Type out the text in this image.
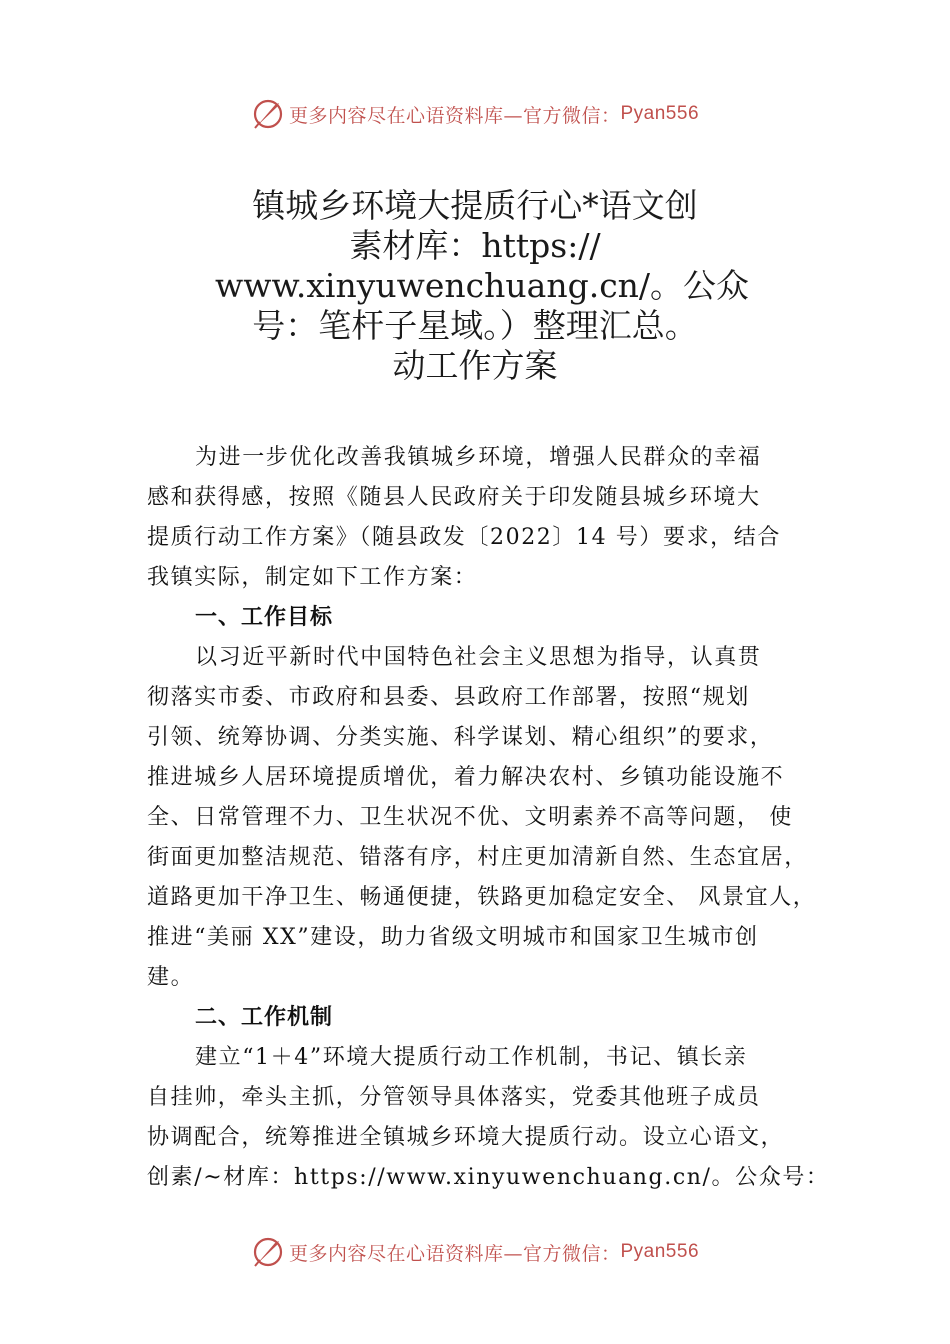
更多内容尽在心语资料库—官方微信： Pyan556
镇城乡环境大提质行心*语文创
素材库：https://
www.xinyuwenchuang.cn/。公众
号：笔杆子星域。）整理汇总。
动工作方案

为进一步优化改善我镇城乡环境，增强人民群众的幸福

感和获得感，按照《随县人民政府关于印发随县城乡环境大

提质行动工作方案》（随县政发〔2022〕14 号）要求，结合

我镇实际，制定如下工作方案：

一、工作目标

以习近平新时代中国特色社会主义思想为指导，认真贯

彻落实市委、市政府和县委、县政府工作部署，按照“规划

引领、统筹协调、分类实施、科学谋划、精心组织”的要求，

推进城乡人居环境提质增优，着力解决农村、乡镇功能设施不

全、日常管理不力、卫生状况不优、文明素养不高等问题， 使

街面更加整洁规范、错落有序，村庄更加清新自然、生态宜居，

道路更加干净卫生、畅通便捷，铁路更加稳定安全、 风景宜人，

推进“美丽 XX”建设，助力省级文明城市和国家卫生城市创

建。

二、工作机制

建立“1＋4”环境大提质行动工作机制，书记、镇长亲

自挂帅，牵头主抓，分管领导具体落实，党委其他班子成员

协调配合，统筹推进全镇城乡环境大提质行动。设立心语文，

创素/~材库：https://www.xinyuwenchuang.cn/。公众号：

更多内容尽在心语资料库—官方微信： Pyan556
